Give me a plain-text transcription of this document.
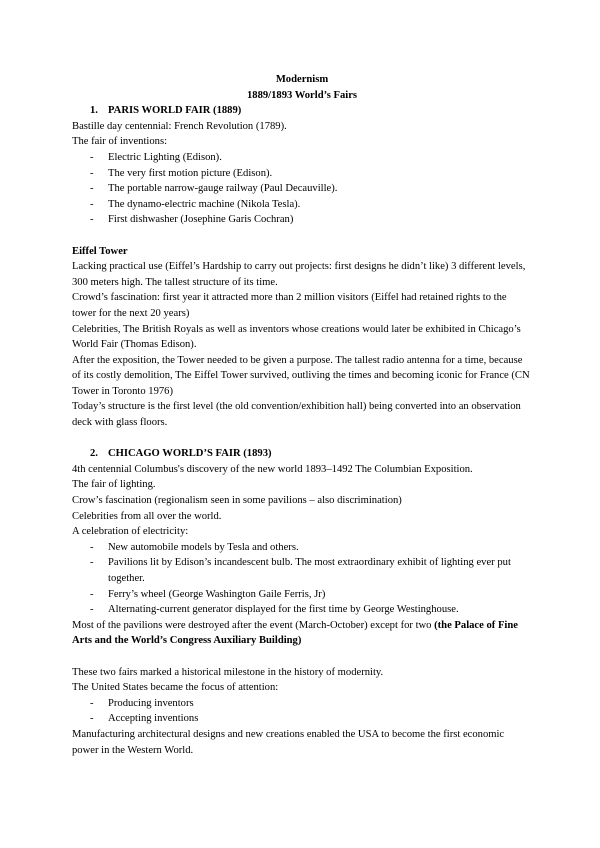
Modernism

1889/1893 World’s Fairs

1. PARIS WORLD FAIR (1889)

Bastille day centennial: French Revolution (1789).

The fair of inventions:

- Electric Lighting (Edison).
- The very first motion picture (Edison).
- The portable narrow-gauge railway (Paul Decauville).
- The dynamo-electric machine (Nikola Tesla).
- First dishwasher (Josephine Garis Cochran)

Eiffel Tower

Lacking practical use (Eiffel’s Hardship to carry out projects: first designs he didn’t like) 3 different levels, 300 meters high. The tallest structure of its time.

Crowd’s fascination: first year it attracted more than 2 million visitors (Eiffel had retained rights to the tower for the next 20 years)

Celebrities, The British Royals as well as inventors whose creations would later be exhibited in Chicago’s World Fair (Thomas Edison).

After the exposition, the Tower needed to be given a purpose. The tallest radio antenna for a time, because of its costly demolition, The Eiffel Tower survived, outliving the times and becoming iconic for France (CN Tower in Toronto 1976)

Today’s structure is the first level (the old convention/exhibition hall) being converted into an observation deck with glass floors.

2. CHICAGO WORLD’S FAIR (1893)

4th centennial Columbus's discovery of the new world 1893–1492 The Columbian Exposition.

The fair of lighting.

Crow’s fascination (regionalism seen in some pavilions – also discrimination)

Celebrities from all over the world.

A celebration of electricity:

- New automobile models by Tesla and others.
- Pavilions lit by Edison’s incandescent bulb. The most extraordinary exhibit of lighting ever put together.
- Ferry’s wheel (George Washington Gaile Ferris, Jr)
- Alternating-current generator displayed for the first time by George Westinghouse.

Most of the pavilions were destroyed after the event (March-October) except for two (the Palace of Fine Arts and the World’s Congress Auxiliary Building)

These two fairs marked a historical milestone in the history of modernity.

The United States became the focus of attention:

- Producing inventors
- Accepting inventions

Manufacturing architectural designs and new creations enabled the USA to become the first economic power in the Western World.
